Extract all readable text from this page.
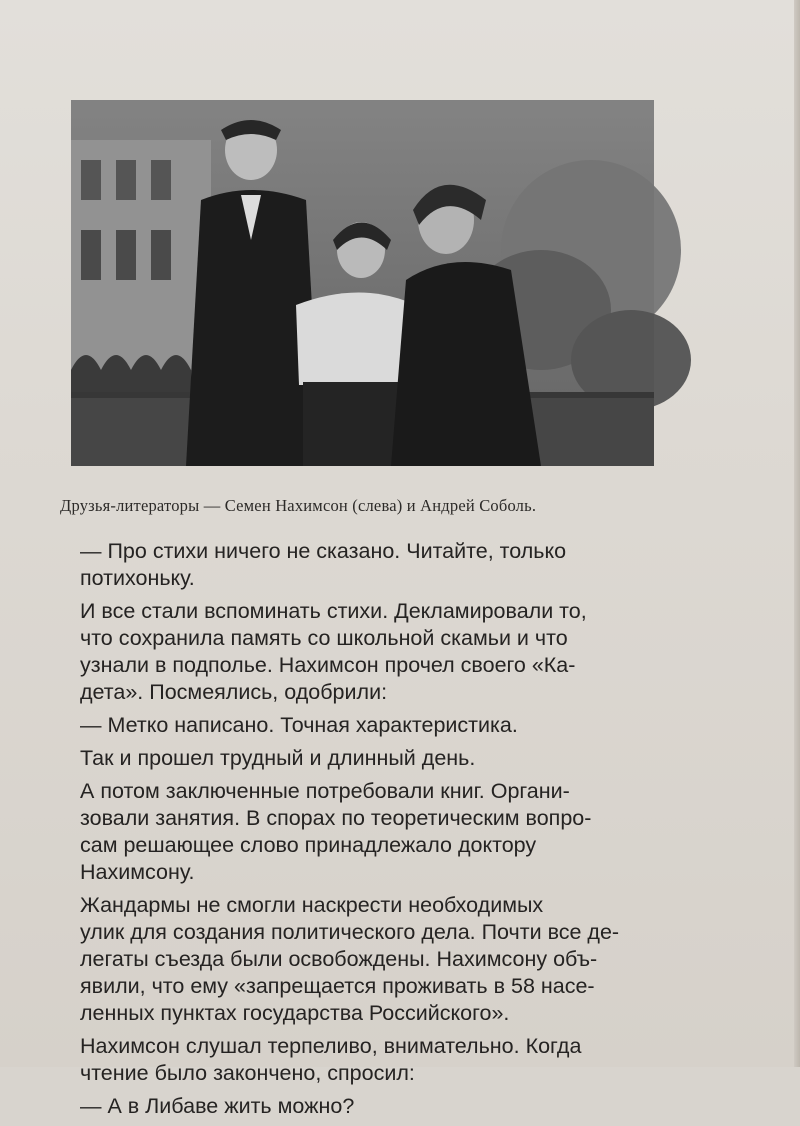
Друзья-литераторы — Семен Нахимсон (слева) и Андрей Соболь.

— Про стихи ничего не сказано. Читайте, только
потихоньку.

И все стали вспоминать стихи. Декламировали то,
что сохранила память со школьной скамьи и что
узнали в подполье. Нахимсон прочел своего «Ка-
дета». Посмеялись, одобрили:

— Метко написано. Точная характеристика.

Так и прошел трудный и длинный день.

А потом заключенные потребовали книг. Органи-
зовали занятия. В спорах по теоретическим вопро-
сам решающее слово принадлежало доктору
Нахимсону.

Жандармы не смогли наскрести необходимых
улик для создания политического дела. Почти все де-
легаты съезда были освобождены. Нахимсону объ-
явили, что ему «запрещается проживать в 58 насе-
ленных пунктах государства Российского».

Нахимсон слушал терпеливо, внимательно. Когда
чтение было закончено, спросил:

— А в Либаве жить можно?
